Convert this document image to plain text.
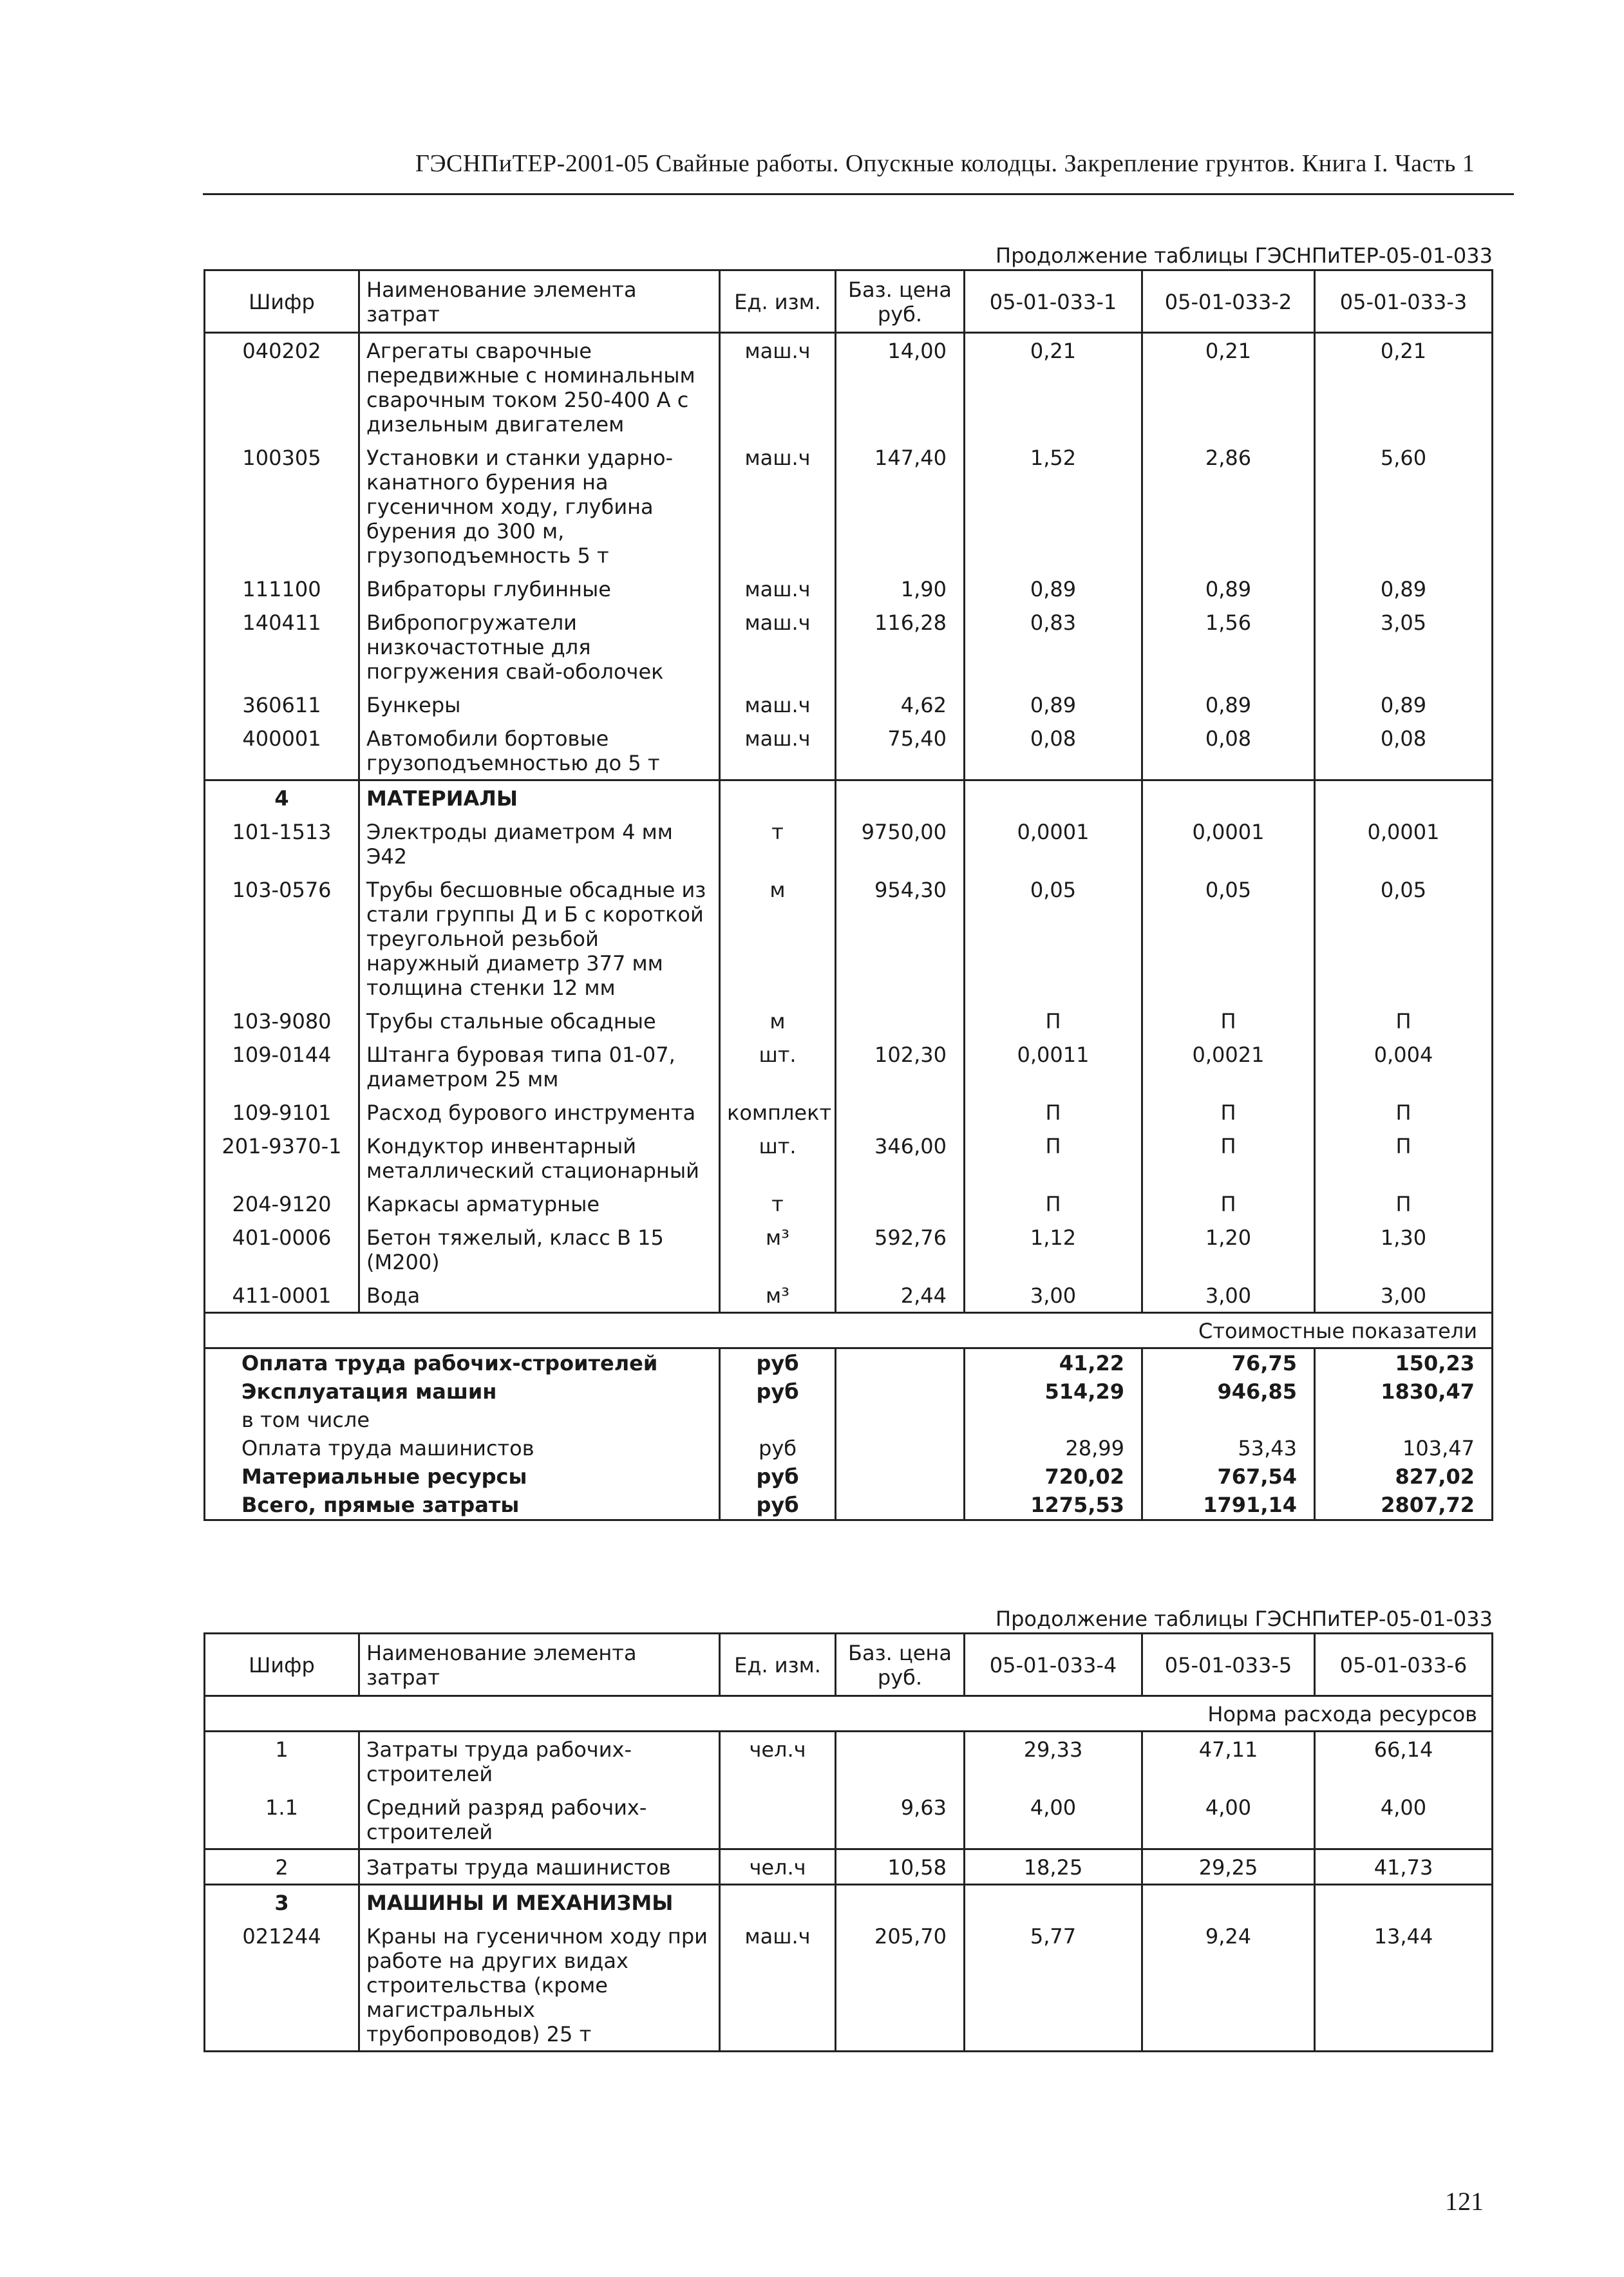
ГЭСНПиТЕР-2001-05 Свайные работы. Опускные колодцы. Закрепление грунтов. Книга I. Часть 1
Продолжение таблицы ГЭСНПиТЕР-05-01-033
Шифр	Наименование элемента затрат	Ед. изм.	Баз. цена руб.	05-01-033-1	05-01-033-2	05-01-033-3
040202	Агрегаты сварочные передвижные с номинальным сварочным током 250-400 А с дизельным двигателем	маш.ч	14,00	0,21	0,21	0,21
100305	Установки и станки ударно-канатного бурения на гусеничном ходу, глубина бурения до 300 м, грузоподъемность 5 т	маш.ч	147,40	1,52	2,86	5,60
111100	Вибраторы глубинные	маш.ч	1,90	0,89	0,89	0,89
140411	Вибропогружатели низкочастотные для погружения свай-оболочек	маш.ч	116,28	0,83	1,56	3,05
360611	Бункеры	маш.ч	4,62	0,89	0,89	0,89
400001	Автомобили бортовые грузоподъемностью до 5 т	маш.ч	75,40	0,08	0,08	0,08
4	МАТЕРИАЛЫ					
101-1513	Электроды диаметром 4 мм Э42	т	9750,00	0,0001	0,0001	0,0001
103-0576	Трубы бесшовные обсадные из стали группы Д и Б с короткой треугольной резьбой наружный диаметр 377 мм толщина стенки 12 мм	м	954,30	0,05	0,05	0,05
103-9080	Трубы стальные обсадные	м		П	П	П
109-0144	Штанга буровая типа 01-07, диаметром 25 мм	шт.	102,30	0,0011	0,0021	0,004
109-9101	Расход бурового инструмента	комплект		П	П	П
201-9370-1	Кондуктор инвентарный металлический стационарный	шт.	346,00	П	П	П
204-9120	Каркасы арматурные	т		П	П	П
401-0006	Бетон тяжелый, класс В 15 (М200)	м³	592,76	1,12	1,20	1,30
411-0001	Вода	м³	2,44	3,00	3,00	3,00
Стоимостные показатели						
Оплата труда рабочих-строителей		руб		41,22	76,75	150,23
Эксплуатация машин		руб		514,29	946,85	1830,47
в том числе						
Оплата труда машинистов		руб		28,99	53,43	103,47
Материальные ресурсы		руб		720,02	767,54	827,02
Всего, прямые затраты		руб		1275,53	1791,14	2807,72
Продолжение таблицы ГЭСНПиТЕР-05-01-033
Шифр	Наименование элемента затрат	Ед. изм.	Баз. цена руб.	05-01-033-4	05-01-033-5	05-01-033-6
Норма расхода ресурсов						
1	Затраты труда рабочих-строителей	чел.ч		29,33	47,11	66,14
1.1	Средний разряд рабочих-строителей		9,63	4,00	4,00	4,00
2	Затраты труда машинистов	чел.ч	10,58	18,25	29,25	41,73
3	МАШИНЫ И МЕХАНИЗМЫ					
021244	Краны на гусеничном ходу при работе на других видах строительства (кроме магистральных трубопроводов) 25 т	маш.ч	205,70	5,77	9,24	13,44
121
